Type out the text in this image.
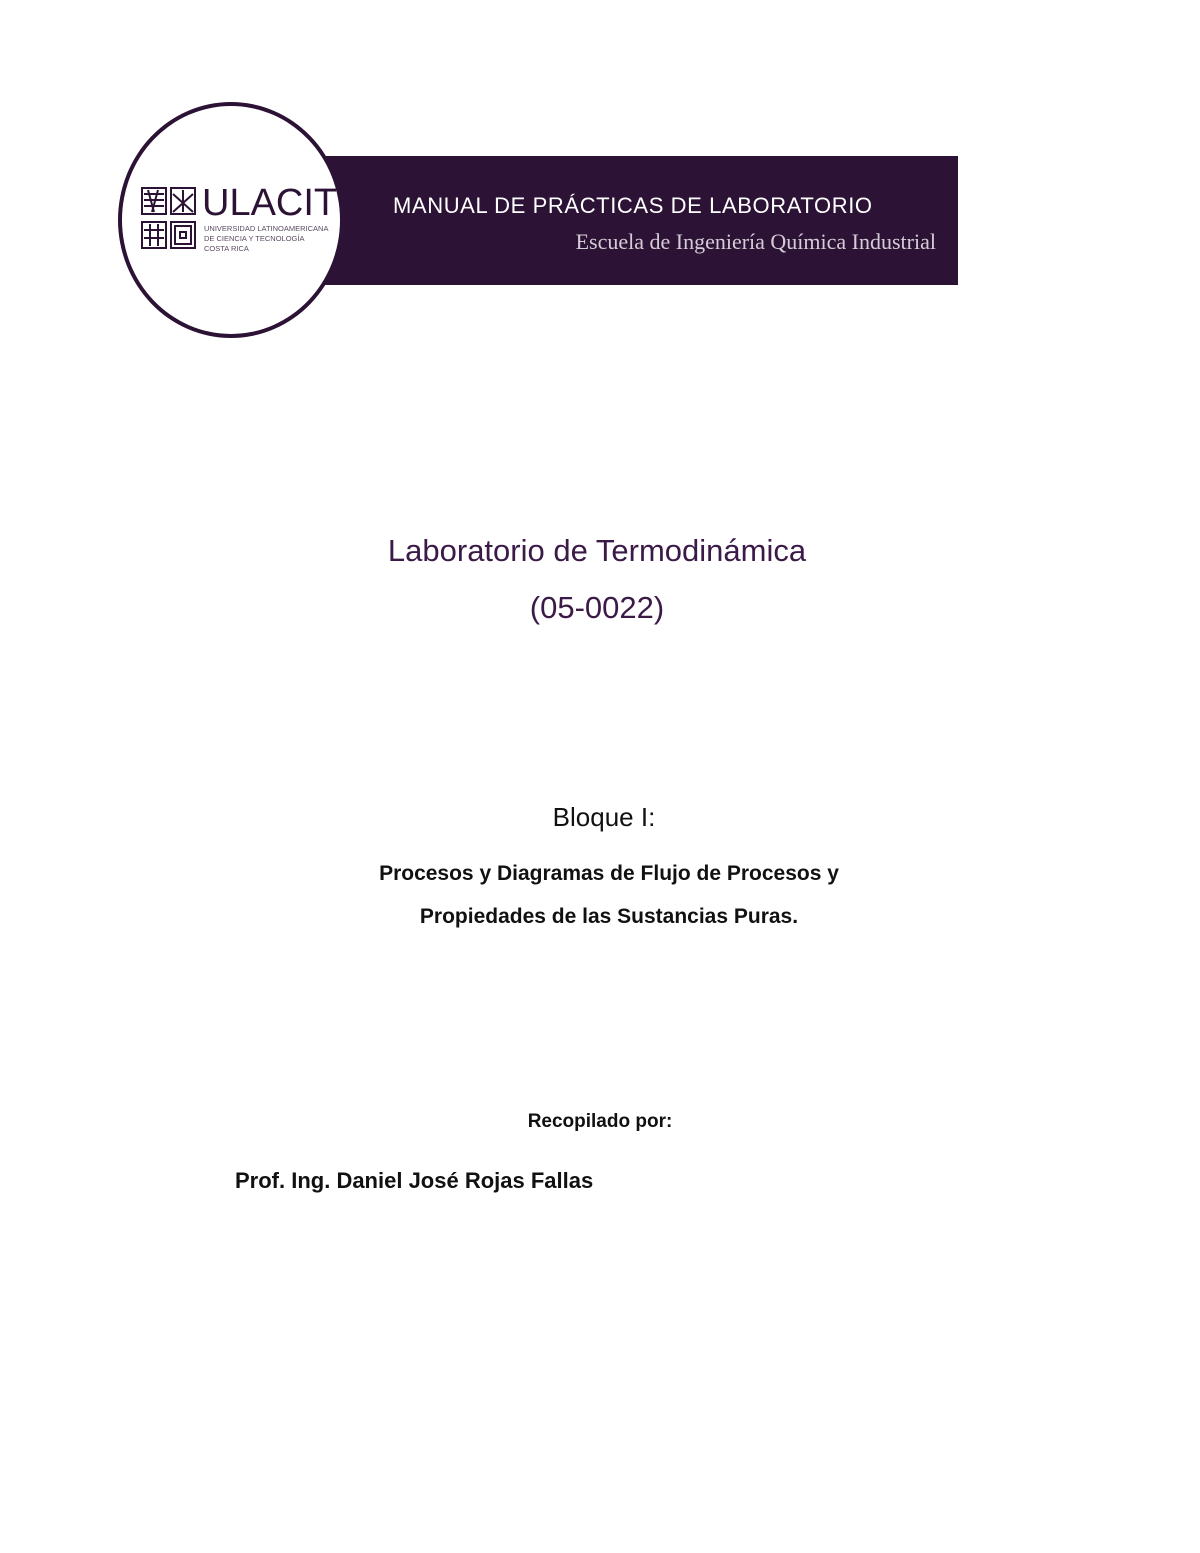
MANUAL DE PRÁCTICAS DE LABORATORIO
Escuela de Ingeniería Química Industrial
ULACIT
UNIVERSIDAD LATINOAMERICANA
DE CIENCIA Y TECNOLOGÍA
COSTA RICA
Laboratorio de Termodinámica
(05-0022)
Bloque I:
Procesos y Diagramas de Flujo de Procesos y
Propiedades de las Sustancias Puras.
Recopilado por:
Prof. Ing. Daniel José Rojas Fallas
